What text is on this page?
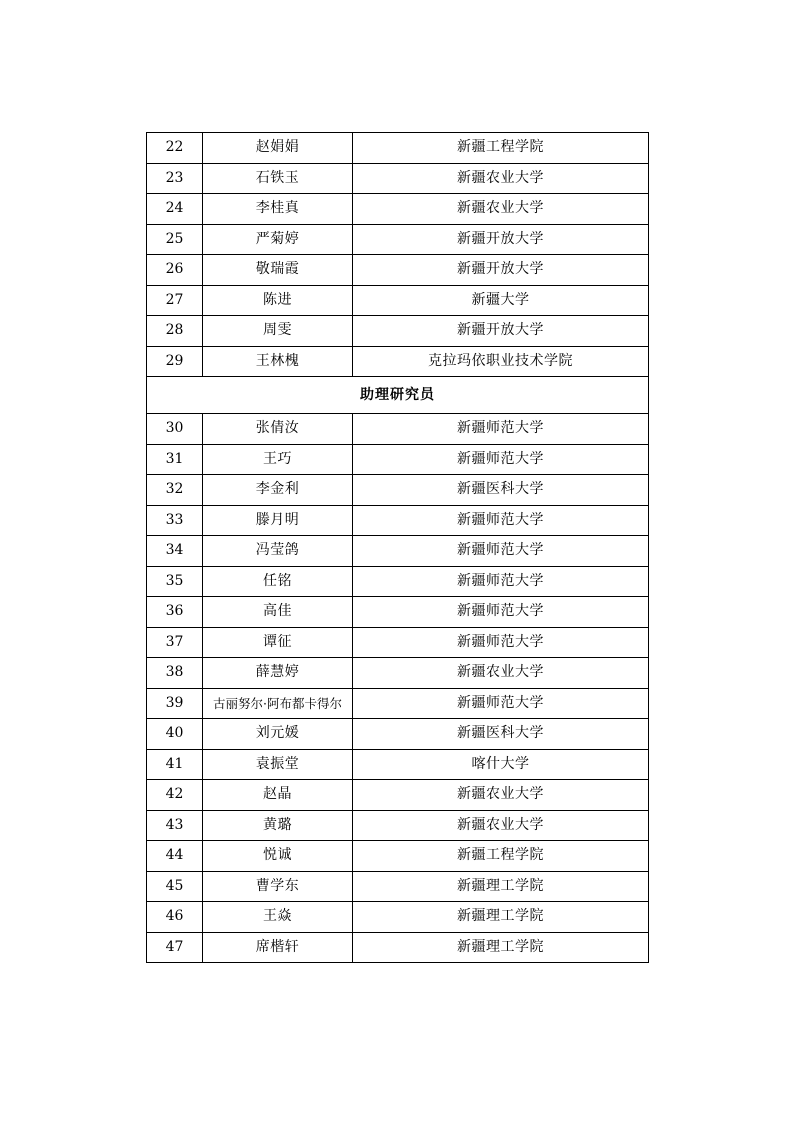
22	赵娟娟	新疆工程学院
23	石铁玉	新疆农业大学
24	李桂真	新疆农业大学
25	严菊婷	新疆开放大学
26	敬瑞霞	新疆开放大学
27	陈进	新疆大学
28	周雯	新疆开放大学
29	王林槐	克拉玛依职业技术学院
助理研究员		
30	张倩汝	新疆师范大学
31	王巧	新疆师范大学
32	李金利	新疆医科大学
33	滕月明	新疆师范大学
34	冯莹鸽	新疆师范大学
35	任铭	新疆师范大学
36	高佳	新疆师范大学
37	谭征	新疆师范大学
38	薛慧婷	新疆农业大学
39	古丽努尔·阿布都卡得尔	新疆师范大学
40	刘元媛	新疆医科大学
41	袁振堂	喀什大学
42	赵晶	新疆农业大学
43	黄璐	新疆农业大学
44	悦诚	新疆工程学院
45	曹学东	新疆理工学院
46	王焱	新疆理工学院
47	席楷轩	新疆理工学院
